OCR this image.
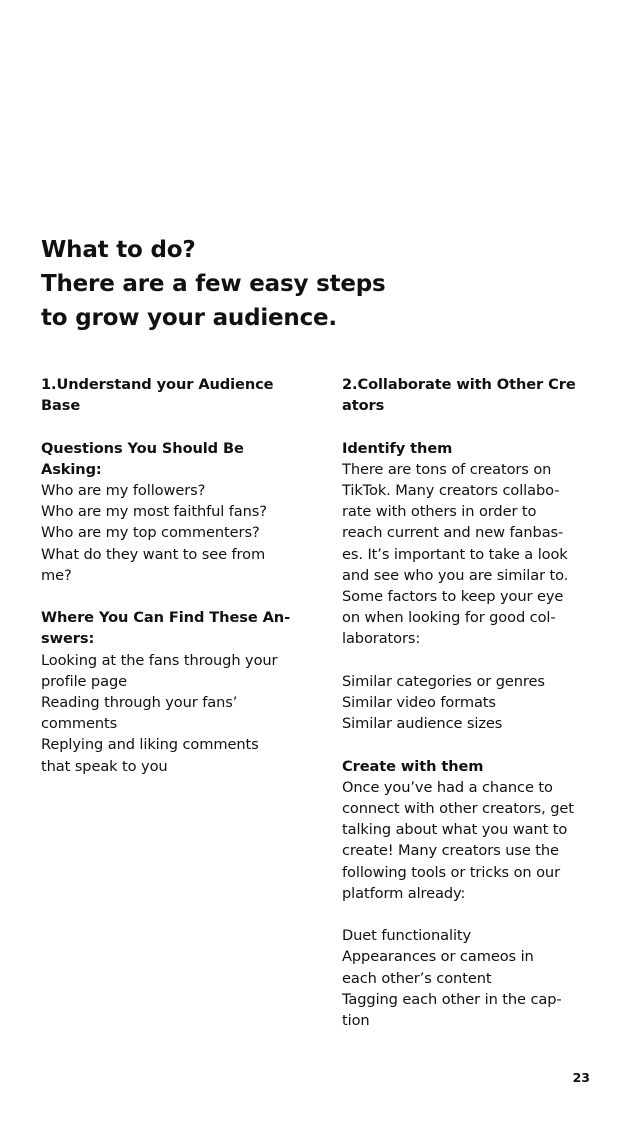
What to do?
There are a few easy steps
to grow your audience.
1.Understand your Audience
Base
Questions You Should Be
Asking:
Who are my followers?
Who are my most faithful fans?
Who are my top commenters?
What do they want to see from
me?
Where You Can Find These An-
swers:
Looking at the fans through your
profile page
Reading through your fans’
comments
Replying and liking comments
that speak to you
2.Collaborate with Other Cre
ators
Identify them
There are tons of creators on
TikTok. Many creators collabo-
rate with others in order to
reach current and new fanbas-
es. It’s important to take a look
and see who you are similar to.
Some factors to keep your eye
on when looking for good col-
laborators:
Similar categories or genres
Similar video formats
Similar audience sizes
Create with them
Once you’ve had a chance to
connect with other creators, get
talking about what you want to
create! Many creators use the
following tools or tricks on our
platform already:
Duet functionality
Appearances or cameos in
each other’s content
Tagging each other in the cap-
tion
23
